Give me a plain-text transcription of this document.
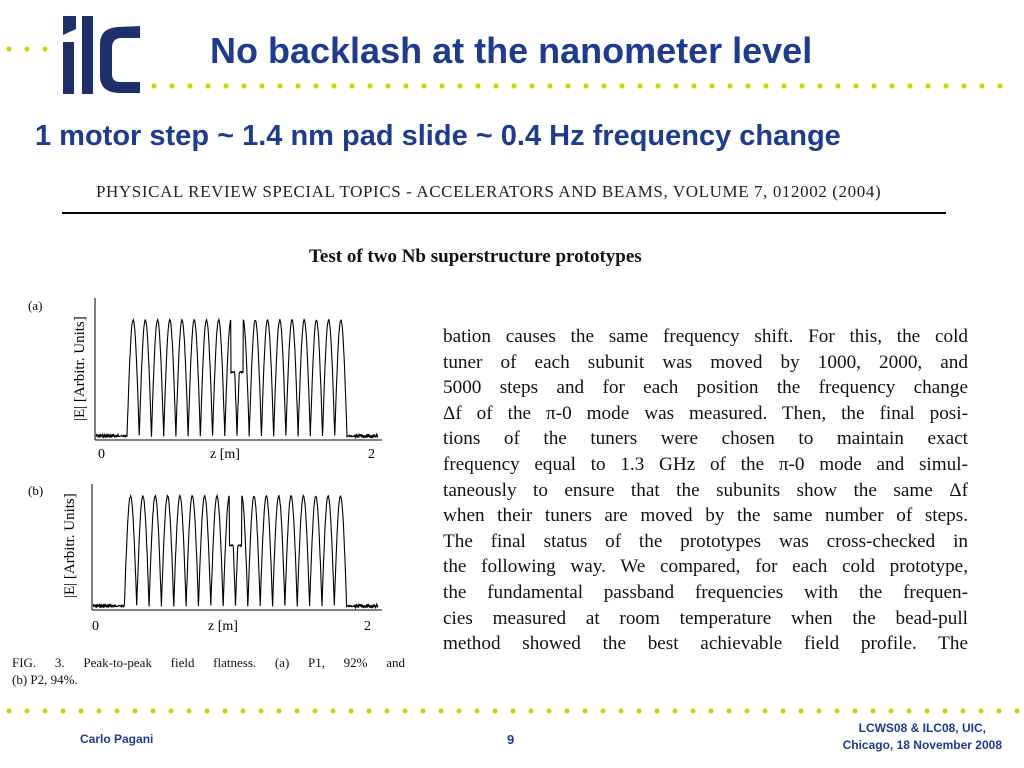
No backlash at the nanometer level
1 motor step ~ 1.4 nm pad slide ~ 0.4 Hz frequency change
PHYSICAL REVIEW SPECIAL TOPICS - ACCELERATORS AND BEAMS, VOLUME 7, 012002 (2004)
Test of two Nb superstructure prototypes
(a)
|E| [Arbitr. Units]
0	z [m]	2
(b)
|E| [Arbitr. Units]
0	z [m]	2
FIG. 3. Peak-to-peak field flatness. (a) P1, 92% and
(b) P2, 94%.
bation causes the same frequency shift. For this, the cold
tuner of each subunit was moved by 1000, 2000, and
5000 steps and for each position the frequency change
Δf of the π-0 mode was measured. Then, the final posi-
tions of the tuners were chosen to maintain exact
frequency equal to 1.3 GHz of the π-0 mode and simul-
taneously to ensure that the subunits show the same Δf
when their tuners are moved by the same number of steps.
The final status of the prototypes was cross-checked in
the following way. We compared, for each cold prototype,
the fundamental passband frequencies with the frequen-
cies measured at room temperature when the bead-pull
method showed the best achievable field profile. The
Carlo Pagani	9
LCWS08 & ILC08, UIC,
Chicago, 18 November 2008
